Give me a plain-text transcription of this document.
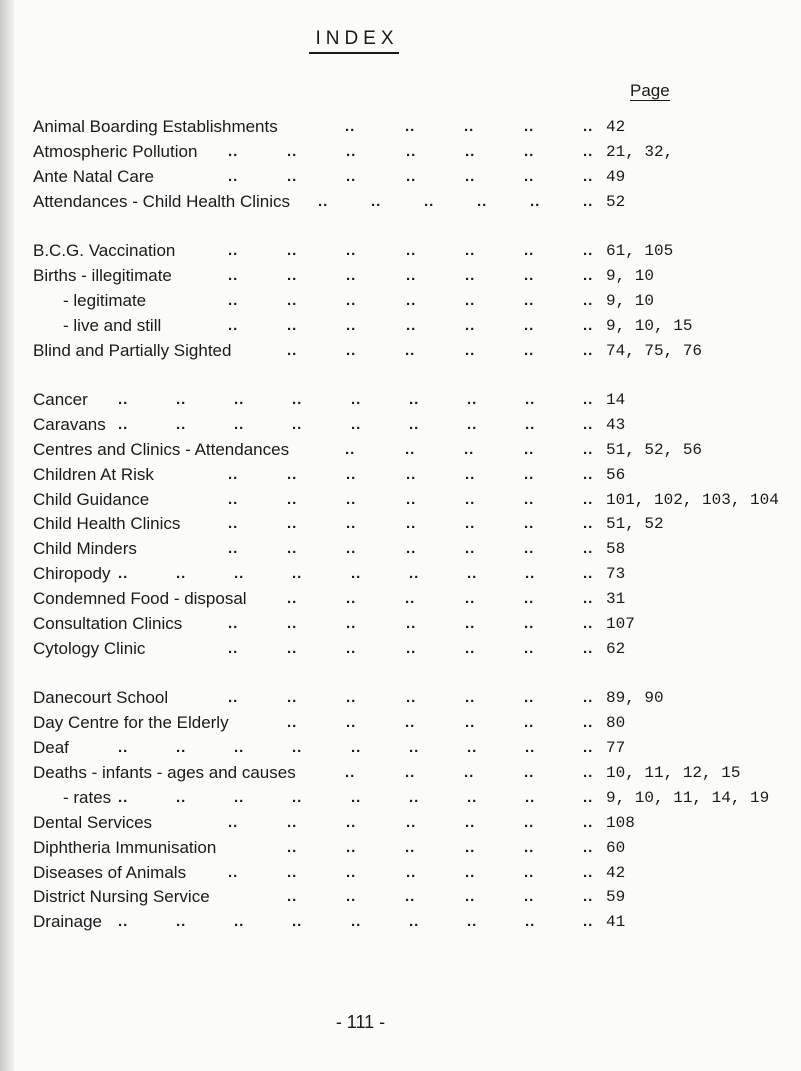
INDEX
Page
Animal Boarding Establishments	..	..	..	..	.. 42
Atmospheric Pollution ..	..	..	..	..	..	.. 21, 32,
Ante Natal Care	..	..	..	..	..	..	.. 49
Attendances - Child Health Clinics ..	..	..	..	..	.. 52
B.C.G. Vaccination	..	..	..	..	..	..	.. 61, 105
Births - illegitimate	..	..	..	..	..	..	.. 9, 10
- legitimate	..	..	..	..	..	..	.. 9, 10
- live and still	..	..	..	..	..	..	.. 9, 10, 15
Blind and Partially Sighted	..	..	..	..	..	.. 74, 75, 76
Cancer ..	..	..	..	..	..	..	..	.. 14
Caravans ..	..	..	..	..	..	..	..	.. 43
Centres and Clinics - Attendances	..	..	..	..	.. 51, 52, 56
Children At Risk	..	..	..	..	..	..	.. 56
Child Guidance	..	..	..	..	..	..	.. 101, 102, 103, 104
Child Health Clinics	..	..	..	..	..	..	.. 51, 52
Child Minders	..	..	..	..	..	..	.. 58
Chiropody ..	..	..	..	..	..	..	..	.. 73
Condemned Food - disposal	..	..	..	..	..	.. 31
Consultation Clinics	..	..	..	..	..	..	.. 107
Cytology Clinic	..	..	..	..	..	..	.. 62
Danecourt School	..	..	..	..	..	..	.. 89, 90
Day Centre for the Elderly	..	..	..	..	..	.. 80
Deaf	..	..	..	..	..	..	..	..	.. 77
Deaths - infants - ages and causes	..	..	..	..	.. 10, 11, 12, 15
- rates ..	..	..	..	..	..	..	..	.. 9, 10, 11, 14, 19
Dental Services	..	..	..	..	..	..	.. 108
Diphtheria Immunisation	..	..	..	..	..	.. 60
Diseases of Animals	..	..	..	..	..	..	.. 42
District Nursing Service	..	..	..	..	..	.. 59
Drainage ..	..	..	..	..	..	..	..	.. 41
- 111 -
